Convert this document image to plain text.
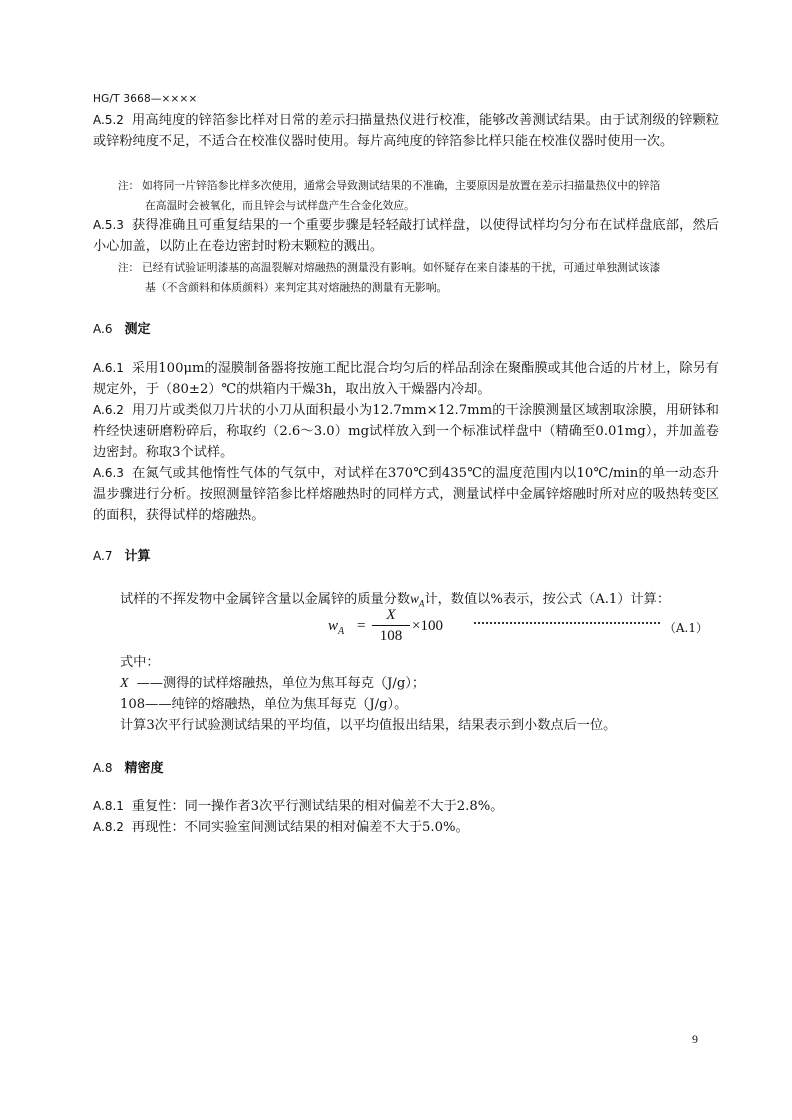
HG/T 3668—××××

A.5.2 用高纯度的锌箔参比样对日常的差示扫描量热仪进行校准，能够改善测试结果。由于试剂级的锌颗粒或锌粉纯度不足，不适合在校准仪器时使用。每片高纯度的锌箔参比样只能在校准仪器时使用一次。

注： 如将同一片锌箔参比样多次使用，通常会导致测试结果的不准确，主要原因是放置在差示扫描量热仪中的锌箔

在高温时会被氧化，而且锌会与试样盘产生合金化效应。

A.5.3 获得准确且可重复结果的一个重要步骤是轻轻敲打试样盘，以使得试样均匀分布在试样盘底部，然后小心加盖，以防止在卷边密封时粉末颗粒的溅出。

注： 已经有试验证明漆基的高温裂解对熔融热的测量没有影响。如怀疑存在来自漆基的干扰，可通过单独测试该漆

基（不含颜料和体质颜料）来判定其对熔融热的测量有无影响。

A.6 测定

A.6.1 采用100μm的湿膜制备器将按施工配比混合均匀后的样品刮涂在聚酯膜或其他合适的片材上，除另有规定外，于（80±2）℃的烘箱内干燥3h，取出放入干燥器内冷却。

A.6.2 用刀片或类似刀片状的小刀从面积最小为12.7mm×12.7mm的干涂膜测量区域割取涂膜，用研钵和杵经快速研磨粉碎后，称取约（2.6～3.0）mg试样放入到一个标准试样盘中（精确至0.01mg），并加盖卷边密封。称取3个试样。

A.6.3 在氮气或其他惰性气体的气氛中，对试样在370℃到435℃的温度范围内以10℃/min的单一动态升温步骤进行分析。按照测量锌箔参比样熔融热时的同样方式，测量试样中金属锌熔融时所对应的吸热转变区的面积，获得试样的熔融热。

A.7 计算

试样的不挥发物中金属锌含量以金属锌的质量分数$w_A$计，数值以%表示，按公式（A.1）计算：

$w_A$ =
X
108
×100	（A.1）

式中：

X ——测得的试样熔融热，单位为焦耳每克（J/g）；

108——纯锌的熔融热，单位为焦耳每克（J/g）。

计算3次平行试验测试结果的平均值，以平均值报出结果，结果表示到小数点后一位。

A.8 精密度

A.8.1 重复性：同一操作者3次平行测试结果的相对偏差不大于2.8%。

A.8.2 再现性：不同实验室间测试结果的相对偏差不大于5.0%。

9
